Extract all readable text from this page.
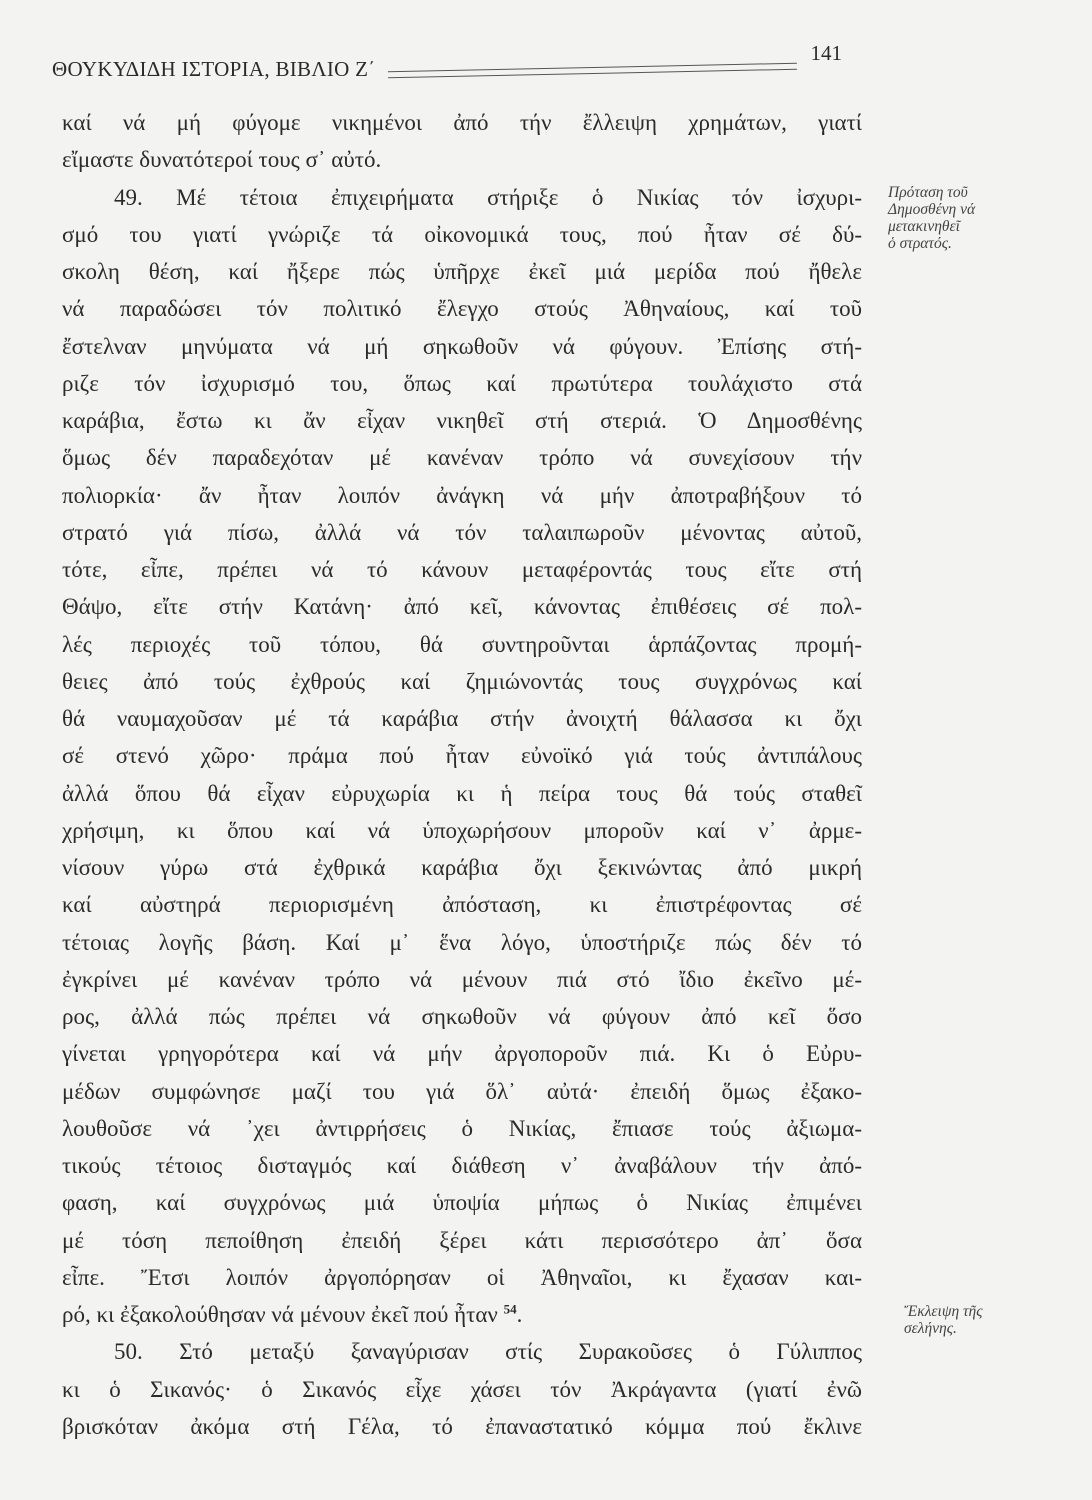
ΘΟΥΚΥΔΙΔΗ ΙΣΤΟΡΙΑ, ΒΙΒΛΙΟ Ζ΄
141
καί νά μή φύγομε νικημένοι ἀπό τήν ἔλλειψη χρημάτων, γιατί
εἴμαστε δυνατότεροί τους σ᾿ αὐτό.
49. Μέ τέτοια ἐπιχειρήματα στήριξε ὁ Νικίας τόν ἰσχυρι-
σμό του γιατί γνώριζε τά οἰκονομικά τους, πού ἦταν σέ δύ-
σκολη θέση, καί ἤξερε πώς ὑπῆρχε ἐκεῖ μιά μερίδα πού ἤθελε
νά παραδώσει τόν πολιτικό ἔλεγχο στούς Ἀθηναίους, καί τοῦ
ἔστελναν μηνύματα νά μή σηκωθοῦν νά φύγουν. Ἐπίσης στή-
ριζε τόν ἰσχυρισμό του, ὅπως καί πρωτύτερα τουλάχιστο στά
καράβια, ἔστω κι ἄν εἶχαν νικηθεῖ στή στεριά. Ὁ Δημοσθένης
ὅμως δέν παραδεχόταν μέ κανέναν τρόπο νά συνεχίσουν τήν
πολιορκία· ἄν ἦταν λοιπόν ἀνάγκη νά μήν ἀποτραβήξουν τό
στρατό γιά πίσω, ἀλλά νά τόν ταλαιπωροῦν μένοντας αὐτοῦ,
τότε, εἶπε, πρέπει νά τό κάνουν μεταφέροντάς τους εἴτε στή
Θάψο, εἴτε στήν Κατάνη· ἀπό κεῖ, κάνοντας ἐπιθέσεις σέ πολ-
λές περιοχές τοῦ τόπου, θά συντηροῦνται ἁρπάζοντας προμή-
θειες ἀπό τούς ἐχθρούς καί ζημιώνοντάς τους συγχρόνως καί
θά ναυμαχοῦσαν μέ τά καράβια στήν ἀνοιχτή θάλασσα κι ὄχι
σέ στενό χῶρο· πράμα πού ἦταν εὐνοϊκό γιά τούς ἀντιπάλους
ἀλλά ὅπου θά εἶχαν εὐρυχωρία κι ἡ πείρα τους θά τούς σταθεῖ
χρήσιμη, κι ὅπου καί νά ὑποχωρήσουν μποροῦν καί ν᾿ ἀρμε-
νίσουν γύρω στά ἐχθρικά καράβια ὄχι ξεκινώντας ἀπό μικρή
καί αὐστηρά περιορισμένη ἀπόσταση, κι ἐπιστρέφοντας σέ
τέτοιας λογῆς βάση. Καί μ᾿ ἕνα λόγο, ὑποστήριζε πώς δέν τό
ἐγκρίνει μέ κανέναν τρόπο νά μένουν πιά στό ἴδιο ἐκεῖνο μέ-
ρος, ἀλλά πώς πρέπει νά σηκωθοῦν νά φύγουν ἀπό κεῖ ὅσο
γίνεται γρηγορότερα καί νά μήν ἀργοποροῦν πιά. Κι ὁ Εὐρυ-
μέδων συμφώνησε μαζί του γιά ὅλ᾿ αὐτά· ἐπειδή ὅμως ἐξακο-
λουθοῦσε νά ᾿χει ἀντιρρήσεις ὁ Νικίας, ἔπιασε τούς ἀξιωμα-
τικούς τέτοιος δισταγμός καί διάθεση ν᾿ ἀναβάλουν τήν ἀπό-
φαση, καί συγχρόνως μιά ὑποψία μήπως ὁ Νικίας ἐπιμένει
μέ τόση πεποίθηση ἐπειδή ξέρει κάτι περισσότερο ἀπ᾿ ὅσα
εἶπε. Ἔτσι λοιπόν ἀργοπόρησαν οἱ Ἀθηναῖοι, κι ἔχασαν και-
ρό, κι ἐξακολούθησαν νά μένουν ἐκεῖ πού ἦταν $^{54}$.
50. Στό μεταξύ ξαναγύρισαν στίς Συρακοῦσες ὁ Γύλιππος
κι ὁ Σικανός· ὁ Σικανός εἶχε χάσει τόν Ἀκράγαντα (γιατί ἐνῶ
βρισκόταν ἀκόμα στή Γέλα, τό ἐπαναστατικό κόμμα πού ἔκλινε
Πρόταση τοῦ
Δημοσθένη νά
μετακινηθεῖ
ὁ στρατός.
Ἔκλειψη τῆς
σελήνης.
